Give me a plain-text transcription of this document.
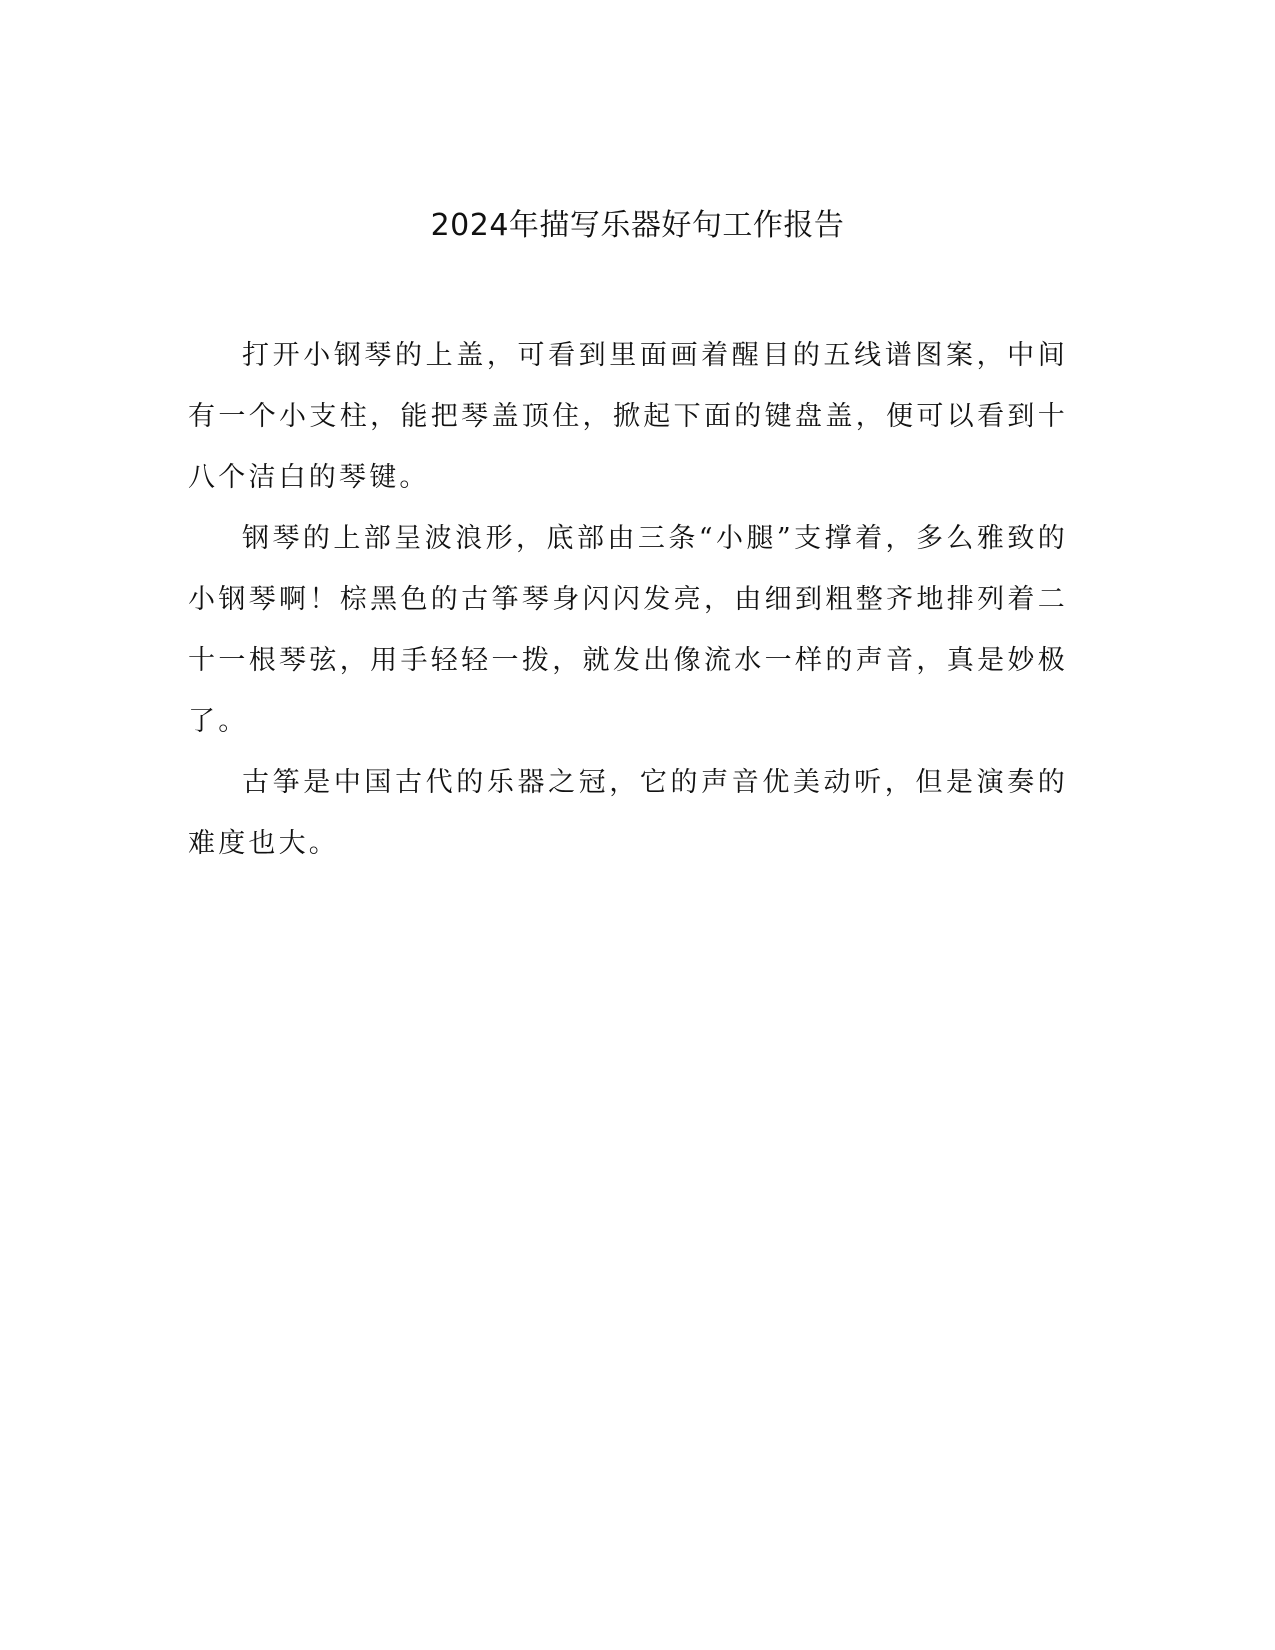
2024年描写乐器好句工作报告

打开小钢琴的上盖，可看到里面画着醒目的五线谱图案，中间有一个小支柱，能把琴盖顶住，掀起下面的键盘盖，便可以看到十八个洁白的琴键。

钢琴的上部呈波浪形，底部由三条“小腿”支撑着，多么雅致的小钢琴啊！棕黑色的古筝琴身闪闪发亮，由细到粗整齐地排列着二十一根琴弦，用手轻轻一拨，就发出像流水一样的声音，真是妙极了。

古筝是中国古代的乐器之冠，它的声音优美动听，但是演奏的难度也大。
